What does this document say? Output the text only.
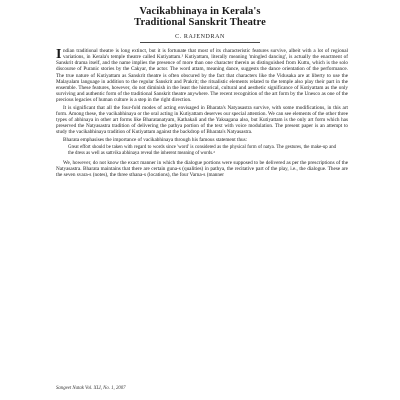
Vacikabhinaya in Kerala's
Traditional Sanskrit Theatre
C. RAJENDRAN

Indian traditional theatre is long extinct, but it is fortunate that most of its characteristic features survive, albeit with a lot of regional variations, in Kerala's temple theatre called Kutiyattam.¹ Kutiyattam, literally meaning 'mingled dancing', is actually the enactment of Sanskrit drama itself, and the name implies the presence of more than one character therein as distinguished from Kuttu, which is the solo discourse of Puranic stories by the Cakyar, the actor. The word attam, meaning dance, suggests the dance orientation of the performance. The true nature of Kutiyattam as Sanskrit theatre is often obscured by the fact that characters like the Vidusaka are at liberty to use the Malayalam language in addition to the regular Sanskrit and Prakrit; the ritualistic elements related to the temple also play their part in the ensemble. These features, however, do not diminish in the least the historical, cultural and aesthetic significance of Kutiyattam as the only surviving and authentic form of the traditional Sanskrit theatre anywhere. The recent recognition of the art form by the Unesco as one of the precious legacies of human culture is a step in the right direction.

It is significant that all the four-fold modes of acting envisaged in Bharata's Natyasastra survive, with some modifications, in this art form. Among these, the vacikabhinaya or the oral acting in Kutiyattam deserves our special attention. We can see elements of the other three types of abhinaya in other art forms like Bharatanatyam, Kathakali and the Yaksagana also, but Kutiyattam is the only art form which has preserved the Natyasastra tradition of delivering the pathya portion of the text with voice modulation. The present paper is an attempt to study the vacikabhinaya tradition of Kutiyattam against the backdrop of Bharata's Natyasastra.

Bharata emphasises the importance of vacikabhinaya through his famous statement thus:

Great effort should be taken with regard to words since 'word' is considered as the physical form of natya. The gestures, the make-up and the dress as well as sattvika abhinaya reveal the inherent meaning of words.²

We, however, do not know the exact manner in which the dialogue portions were supposed to be delivered as per the prescriptions of the Natyasastra. Bharata maintains that there are certain guna-s (qualities) in pathya, the recitative part of the play, i.e., the dialogue. These are the seven svara-s (notes), the three sthana-s (locations), the four Varna-s (manner

Sangeet Natak Vol. XLI, No. 1, 2007
